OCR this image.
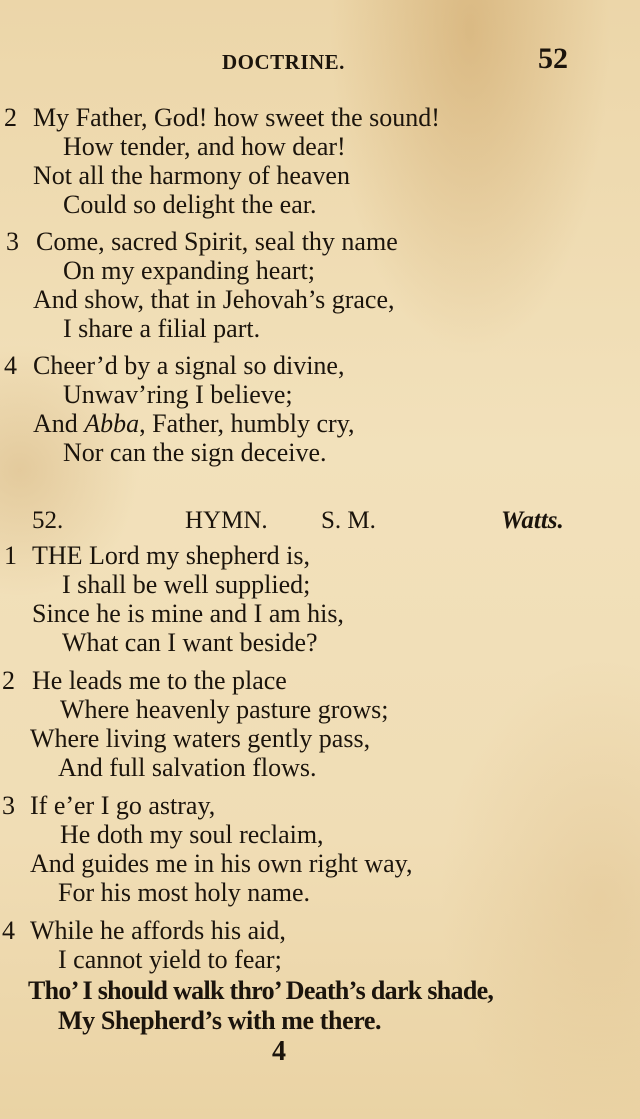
DOCTRINE.	52
2 My Father, God! how sweet the sound!
How tender, and how dear!
Not all the harmony of heaven
Could so delight the ear.
3 Come, sacred Spirit, seal thy name
On my expanding heart;
And show, that in Jehovah’s grace,
I share a filial part.
4 Cheer’d by a signal so divine,
Unwav’ring I believe;
And Abba, Father, humbly cry,
Nor can the sign deceive.
52.	HYMN. S. M.	Watts.
1 THE Lord my shepherd is,
I shall be well supplied;
Since he is mine and I am his,
What can I want beside?
2 He leads me to the place
Where heavenly pasture grows;
Where living waters gently pass,
And full salvation flows.
3 If e’er I go astray,
He doth my soul reclaim,
And guides me in his own right way,
For his most holy name.
4 While he affords his aid,
I cannot yield to fear;
Tho’ I should walk thro’ Death’s dark shade,
My Shepherd’s with me there.
4
